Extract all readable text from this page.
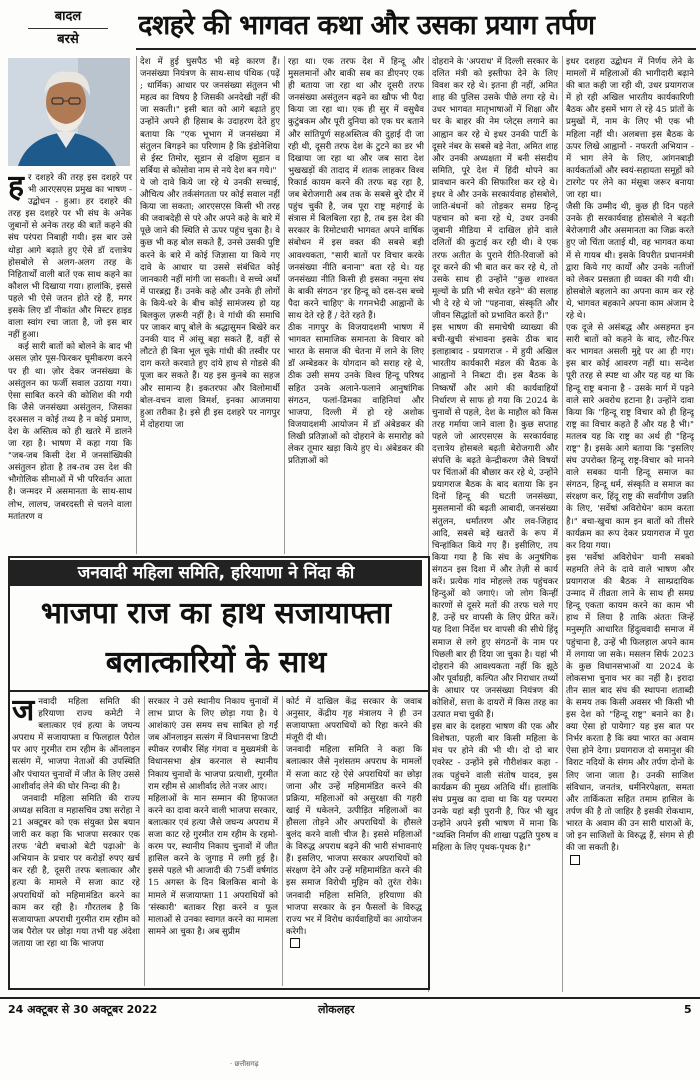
बादल
बरसे	दशहरे की भागवत कथा और उसका प्रयाग तर्पण
ह र दशहरे की तरह इस दशहरे पर भी आरएसएस प्रमुख का भाषण - उद्बोधन - हुआ। हर दशहरे की तरह इस दशहरे पर भी संघ के अनेक जुबानों से अनेक तरह की बातें कहने की संघ परंपरा निबाही गयी। इस बार उसे थोड़ा आगे बढ़ाते हुए ऐसे डॉ दत्तात्रेय होसबोले से अलग-अलग तरह के निहितार्थों वाली बातें एक साथ कहने का कौशल भी दिखाया गया। हालांकि, इससे पहले भी ऐसे जतन होते रहे हैं, मगर इसके लिए डॉ नीकांत और मिस्टर हाइड वाला स्वांग रचा जाता है, जो इस बार नहीं हुआ।

कई सारी बातों को बोलने के बाद भी असल ज़ोर पूस-फिरकर घूमीकरण करने पर ही था। ज़ोर देकर जनसंख्या के असंतुलन का फर्जी सवाल उठाया गया। ऐसा साबित करने की कोशिश की गयी कि जैसे जनसंख्या असंतुलन, जिसका दरअसल न कोई तथ्य है न कोई प्रमाण, देश के अस्तित्व को ही खतरे में डालने जा रहा है। भाषण में कहा गया कि "जब-जब किसी देश में जनसांख्यिकी असंतुलन होता है तब-तब उस देश की भौगोलिक सीमाओं में भी परिवर्तन आता है। जन्मदर में असमानता के साथ-साथ लोभ, लालच, जबरदस्ती से चलने वाला मतांतरण व

देश में हुई घुसपैठ भी बड़े कारण हैं। जनसंख्या नियंत्रण के साथ-साथ पंथिक (पढ़ें ; धार्मिक) आधार पर जनसंख्या संतुलन भी महत्व का विषय है जिसकी अनदेखी नहीं की जा सकती।" इसी बात को आगे बढ़ाते हुए उन्होंने अपने ही हिसाब के उदाहरण देते हुए बताया कि "एक भूभाग में जनसंख्या में संतुलन बिगड़ने का परिणाम है कि इंडोनेशिया से ईस्ट तिमोर, सूडान से दक्षिण सूडान व सर्बिया से कोसोवा नाम से नये देश बन गये।"
ये जो दावे किये जा रहे थे उनकी सच्चाई, औचित्य और तर्कसंगतता पर कोई सवाल नहीं किया जा सकता; आरएसएस किसी भी तरह की जवाबदेही से परे और अपने कहे के बारे में पूछे जाने की स्थिति से ऊपर पहुंच चुका है। वे कुछ भी कह बोल सकते हैं, उनसे उसकी पुष्टि करने के बारे में कोई जिज्ञासा या किये गए दावे के आधार या उससे संबंधित कोई जानकारी नहीं मांगी जा सकती। वे सच्चे अर्थों में पारब्रह्म हैं। उनके कहे और उनके ही लोगों के किये-धरे के बीच कोई सामंजस्य हो यह बिलकुल ज़रूरी नहीं है। वे गांधी की समाधि पर जाकर बापू बोले के श्रद्धासुमन बिखेरे कर उनकी याद में आंसू बहा सकते हैं, वहीं से लौटते ही बिना भूल चूके गांधी की तस्वीर पर दाग करते करवाते हुए दांये हाथ से गोडसे की पूजा कर सकते हैं। यह इस कुनबे का सहज और सामान्य है। इकतरफा और विलोमार्थी बोल-वचन वाला विमर्श, इनका आजमाया हुआ तरीका है। इसे ही इस दशहरे पर नागपुर में दोहराया जा
रहा था। एक तरफ देश में हिन्दू और मुसलमानों और बाकी सब का डीएनए एक ही बताया जा रहा था और दूसरी तरफ जनसंख्या असंतुलन बढ़ने का खौफ भी पैदा किया जा रहा था। एक ही सुर में वसुधैव कुटुंबकम और पूरी दुनिया को एक घर बताने और सांतिपूर्ण सहअस्तित्व की दुहाई दी जा रही थी, दूसरी तरफ देश के टुटने का डर भी दिखाया जा रहा था और जब सारा देश भुखखड़ों की तादाद में शतक लाहकर विश्व रिकार्ड कायम करने की तरफ बढ़ रहा है, जब बेरोजगारी अब तक के सबसे बुरे दौर में पहुंच चुकी है, जब पूरा राष्ट्र महंगाई के संत्रास में बिलबिला रहा है, तब इस देश की सरकार के रिमोटधारी भागवत अपने वार्षिक संबोधन में इस वक्त की सबसे बड़ी आवश्यकता, "सारी बातों पर विचार करके जनसंख्या नीति बनाना" बता रहे थे। यह जनसंख्या नीति किसी ही इसका नमूना संघ के बाकी संगठन 'हर हिन्दू को दस-दस बच्चे पैदा करने चाहिए' के गगनभेदी आह्वानों के साथ देते रहे हैं / देते रहते हैं।
ठीक नागपुर के विजयादशमी भाषण में भागवत सामाजिक समानता के विचार को भारत के समाज की चेतना में लाने के लिए डॉ अम्बेडकर के योगदान को सराह रहे थे, ठीक उसी समय उनके विश्व हिन्दू परिषद सहित उनके अलाने-फलाने आनुषांगिक संगठन, फलां-ढिमका वाहिनियां और भाजपा, दिल्ली में हो रहे अशोक विजयादशमी आयोजन में डॉ अंबेडकर की लिखी प्रतिज्ञाओं को दोहराने के समारोह को लेकर तूमार खड़ा किये हुए थे। अंबेडकर की प्रतिज्ञाओं को
दोहराने के 'अपराध' में दिल्ली सरकार के दलित मंत्री को इस्तीफा देने के लिए विवश कर रहे थे। इतना ही नहीं, अमित शाह की पुलिस उसके पीछे लगा रहे थे। उधर भागवत मातृभाषाओं में शिक्षा और घर के बाहर की नेम प्लेट्स लगाने का आह्वान कर रहे थे इधर उनकी पार्टी के दूसरे नंबर के सबसे बड़े नेता, अमित शाह और उनकी अध्यक्षता में बनी संसदीय समिति, पूरे देश में हिंदी थोपने का प्रावधान करने की सिफारिश कर रहे थे। इधर वे और उनके सरकार्यवाह होसबोले, जाति-बंधनों को तोड़कर समग्र हिन्दू पहचान को बना रहे थे, उधर उनकी जुबानी मीडिया में दाखिल होने वाले दलितों की कुटाई कर रही थी। वे एक तरफ अतीत के पुराने रीति-रिवाजों को दूर करने की भी बात कर कर रहे थे, तो उसके साथ ही उन्होंने "कुछ शाश्वत मूल्यों के प्रति भी सचेत रहने" की सलाह भी दे रहे थे जो "पहनावा, संस्कृति और जीवन सिद्धांतों को प्रभावित करते हैं।"
इस भाषण की समाचेषी व्याख्या की बची-खुची संभावना इसके ठीक बाद इलाहाबाद - प्रयागराज - में हुयी अखिल भारतीय कार्यकारी मंडल की बैठक के आह्वानों ने निबटा दी। इस बैठक के निष्कर्षों और आगे की कार्यवाहियों निर्धारण से साफ हो गया कि 2024 के चुनावों से पहले, देश के माहौल को किस तरह गर्माया जाने वाला है। कुछ सप्ताह पहले जो आरएसएस के सरकार्यवाह दत्तात्रेय होसबले बढ़ती बेरोजगारी और संपत्ति के बढ़ते केन्द्रीकरण जैसे विषयों पर चिंताओं की बौछार कर रहे थे, उन्होंने प्रयागराज बैठक के बाद बताया कि इन दिनों हिन्दू की घटती जनसंख्या, मुसलमानों की बढ़ती आबादी, जनसंख्या संतुलन, धर्मांतरण और लव-जिहाद आदि, सबसे बड़े खतरों के रूप में चिन्हांकित किये गए हैं। इसीलिए, तय किया गया है कि संघ के अनुषंगिक संगठन इस दिशा में और तेज़ी से कार्य करें। प्रत्येक गांव मोहल्ले तक पहुंचकर हिन्दुओं को जगाएं। जो लोग किन्हीं कारणों से दूसरे मतों की तरफ चले गए हैं, उन्हें घर वापसी के लिए प्रेरित करें। यह दिशा निर्देश घर वापसी की सीधे हिंदू समाज से लगे हुए संगठनों के नाम पर पिछली बार ही दिया जा चुका है। यहां भी दोहराने की आवश्यकता नहीं कि झूठे और पूर्वाग्रही, कल्पित और निराधार तथ्यों के आधार पर जनसंख्या नियंत्रण की कोशिशें, सत्ता के दायरों में किस तरह का उत्पात मचा चुकी हैं।
इस बार के दशहरा भाषण की एक और विशेषता, पहली बार किसी महिला के मंच पर होने की भी थी। दो दो बार एवरेस्ट - उन्होंने इसे गौरीशंकर कहा - तक पहुंचने वाली संतोष यादव, इस कार्यक्रम की मुख्य अतिथि थीं। हालांकि संघ प्रमुख का दावा था कि यह परम्परा उनके यहां बड़ी पुरानी है, फिर भी खुद उन्होंने अपने इसी भाषण में माना कि "व्यक्ति निर्माण की शाखा पद्धति पुरुष व महिला के लिए पृथक-पृथक है।"
इधर दशहरा उद्बोधन में निर्णय लेने के मामलों में महिलाओं की भागीदारी बढ़ाने की बात कही जा रही थी, उधर प्रयागराज में हो रही अखिल भारतीय कार्यकारिणी बैठक और इसमें भाग ले रहे 45 प्रांतों के प्रमुखों में, नाम के लिए भी एक भी महिला नहीं थी। अलबत्ता इस बैठक के ऊपर लिखे आह्वानों - नफरती अभियान - में भाग लेने के लिए, आंगनबाड़ी कार्यकर्ताओं और स्वयं-सहायता समूहों को टारगेट पर लेने का मंसूबा जरूर बनाया जा रहा था।
जैसी कि उम्मीद थी, कुछ ही दिन पहले उनके ही सरकार्यवाह होसबोले ने बढ़ती बेरोजगारी और असमानता का जिक्र करते हुए जो चिंता जताई थी, वह भागवत कथा में से गायब थी। इसके विपरीत प्रधानमंत्री द्वारा किये गए कार्यों और उनके नतीजों को लेकर प्रसन्नता ही व्यक्त की गयी थी। होसबोले बहलाने का अपना काम कर रहे थे, भागवत बहकाने अपना काम अंजाम दे रहे थे।
एक दूजे से असंबद्ध और असहमत इन सारी बातों को कहने के बाद, लौट-फिर कर भागवत असली मुद्दे पर आ ही गए। इस बार कोई आवरण नहीं था। सन्देश पूरी तरह से स्पष्ट था और यह यह था कि हिन्दू राष्ट्र बनाना है - उसके मार्ग में पड़ने वाले सारे अवरोध हटाना है। उन्होंने दावा किया कि "हिन्दू राष्ट्र विचार को ही हिन्दू राष्ट्र का विचार कहते हैं और यह है भी।" मतलब यह कि राष्ट्र का अर्थ ही "हिन्दू राष्ट्र" है। इसके आगे बताया कि "इसलिए संघ उपरोक्त हिन्दू राष्ट्र-विचार को मानने वाले सबका यानी हिन्दू समाज का संगठन, हिन्दू धर्म, संस्कृति व समाज का संरक्षण कर, हिंदू राष्ट्र की सर्वांगीण उन्नति के लिए, 'सर्वेषां अविरोधेन' काम करता है।" बचा-खुचा काम इन बातों को तीसरे कार्यक्रम का रूप देकर प्रयागराज में पूरा कर दिया गया।
इस 'सर्वेषां अविरोधेन' यानी सबको सहमति लेने के दावे वाले भाषण और प्रयागराज की बैठक ने साम्प्रदायिक उन्माद में तीव्रता लाने के साथ ही समग्र हिन्दू एकता कायम करने का काम भी हाथ में लिया है ताकि अंततः जिन्हें मनुस्मृति आधारित हिंदुत्ववादी समाज में पहुंचाना है, उन्हें भी फिलहाल अपने काम में लगाया जा सके। मसलन सिर्फ 2023 के कुछ विधानसभाओं या 2024 के लोकसभा चुनाव भर का नहीं है। इरादा तीन साल बाद संघ की स्थापना शताब्दी के समय तक किसी अवसर भी किसी भी इस देश को "हिन्दू राष्ट्र" बनाने का है। क्या ऐसा हो पायेगा? यह इस बात पर निर्भर करता है कि क्या भारत का अवाम ऐसा होने देगा। प्रयागराज दो समानुश की विराट नदियों के संगम और तर्पण दोनों के लिए जाना जाता है। उनकी साजिश संविधान, जनतंत्र, धर्मनिरपेक्षता, समता और तार्किकता सहित तमाम हासिल के तर्पण की है तो जाहिर है इसकी रोकथाम, भारत के अवाम की उन सारी धाराओं के, जो इन साजिशों के विरुद्ध हैं, संगम से ही की जा सकती है।
जनवादी महिला समिति, हरियाणा ने निंदा की
भाजपा राज का हाथ सजायाफ्ता
बलात्कारियों के साथ
ज नवादी महिला समिति की हरियाणा राज्य कमेटी ने बलात्कार एवं हत्या के जघन्य अपराध में सजायाफ्ता व फिलहाल पैरोल पर आए गुरमीत राम रहीम के ऑनलाइन सत्संग में, भाजपा नेताओं की उपस्थिति और पंचायत चुनावों में जीत के लिए उससे आशीर्वाद लेने की घोर निन्दा की है।

जनवादी महिला समिति की राज्य अध्यक्ष सविता व महासचिव उषा सरोहा ने 21 अक्टूबर को एक संयुक्त प्रेस बयान जारी कर कहा कि भाजपा सरकार एक तरफ 'बेटी बचाओ बेटी पढ़ाओ' के अभियान के प्रचार पर करोड़ों रुपए खर्च कर रही है, दूसरी तरफ बलात्कार और हत्या के मामले में सजा काट रहे अपराधियों को महिमामंडित करने का काम कर रही है। गौरतलब है कि सजायाफ्ता अपराधी गुरमीत राम रहीम को जब पैरोल पर छोड़ा गया तभी यह अंदेशा जताया जा रहा था कि भाजपा

सरकार ने उसे स्थानीय निकाय चुनावों में लाभ प्राप्त के लिए छोड़ा गया है। ये आशंकाएं उस समय सच साबित हो गईं जब ऑनलाइन सत्संग में विधानसभा डिप्टी स्पीकर रणबीर सिंह गंगवा व मुख्यमंत्री के विधानसभा क्षेत्र करनाल से स्थानीय निकाय चुनावों के भाजपा प्रत्याशी, गुरमीत राम रहीम से आशीर्वाद लेते नजर आए।
महिलाओं के मान सम्मान की हिफाजत करने का दावा करने वाली भाजपा सरकार, बलात्कार एवं हत्या जैसे जघन्य अपराध में सजा काट रहे गुरमीत राम रहीम के रहमो-करम पर, स्थानीय निकाय चुनावों में जीत हासिल करने के जुगाड़ में लगी हुई है। इससे पहले भी आजादी की 75वीं वर्षगांठ 15 अगस्त के दिन बिलकिस बानो के मामले में सजायाफ्ता 11 अपराधियों को 'संस्कारी' बताकर रिहा करने व फूल मालाओं से उनका स्वागत करने का मामला सामने आ चुका है। अब सुप्रीम
कोर्ट में दाखिल केंद्र सरकार के जवाब अनुसार, केंद्रीय गृह मंत्रालय ने ही उन सजायाफ्ता अपराधियों को रिहा करने की मंजूरी दी थी।
जनवादी महिला समिति ने कहा कि बलात्कार जैसे नृशंसतम अपराध के मामलों में सजा काट रहे ऐसे अपराधियों का छोड़ा जाना और उन्हें महिमामंडित करने की प्रक्रिया, महिलाओं को असुरक्षा की गहरी खाई में धकेलने, उत्पीड़ित महिलाओं का हौसला तोड़ने और अपराधियों के हौसले बुलंद करने वाली चीज है। इससे महिलाओं के विरुद्ध अपराध बढ़ने की भारी संभावनाएं हैं। इसलिए, भाजपा सरकार अपराधियों को संरक्षण देने और उन्हें महिमामंडित करने की इस समाज विरोधी मुहिम को तुरंत रोके। जनवादी महिला समिति, हरियाणा की भाजपा सरकार के इन फैसलों के विरुद्ध राज्य भर में विरोध कार्यवाहियों का आयोजन करेगी।
24 अक्टूबर से 30 अक्टूबर 2022	लोकलहर	5
· छत्तीसगढ़
